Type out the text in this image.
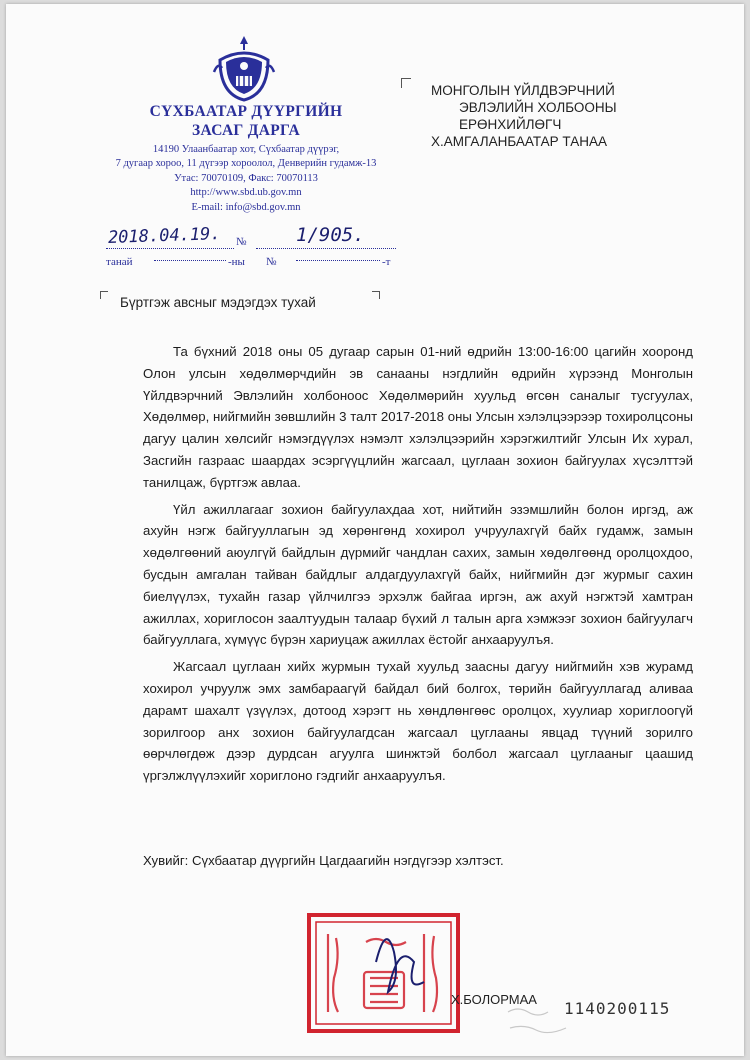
СҮХБААТАР ДҮҮРГИЙН
ЗАСАГ ДАРГА
14190 Улаанбаатар хот, Сүхбаатар дүүрэг,
7 дугаар хороо, 11 дүгээр хороолол, Денверийн гудамж-13
Утас: 70070109, Факс: 70070113
http://www.sbd.ub.gov.mn
E-mail: info@sbd.gov.mn
МОНГОЛЫН ҮЙЛДВЭРЧНИЙ
ЭВЛЭЛИЙН ХОЛБООНЫ ЕРӨНХИЙЛӨГЧ
Х.АМГАЛАНБААТАР ТАНАА
2018.04.19.	1/905.
№
танай	-ны №	-т
Бүртгэж авсныг мэдэгдэх тухай

Та бүхний 2018 оны 05 дугаар сарын 01-ний өдрийн 13:00-16:00 цагийн хооронд Олон улсын хөдөлмөрчдийн эв санааны нэгдлийн өдрийн хүрээнд Монголын Үйлдвэрчний Эвлэлийн холбоноос Хөдөлмөрийн хуульд өгсөн саналыг тусгуулах, Хөдөлмөр, нийгмийн зөвшлийн 3 талт 2017-2018 оны Улсын хэлэлцээрээр тохиролцсоны дагуу цалин хөлсийг нэмэгдүүлэх нэмэлт хэлэлцээрийн хэрэгжилтийг Улсын Их хурал, Засгийн газраас шаардах эсэргүүцлийн жагсаал, цуглаан зохион байгуулах хүсэлттэй танилцаж, бүртгэж авлаа.

Үйл ажиллагааг зохион байгуулахдаа хот, нийтийн эзэмшлийн болон иргэд, аж ахуйн нэгж байгууллагын эд хөрөнгөнд хохирол учруулахгүй байх гудамж, замын хөдөлгөөний аюулгүй байдлын дүрмийг чандлан сахих, замын хөдөлгөөнд оролцохдоо, бусдын амгалан тайван байдлыг алдагдуулахгүй байх, нийгмийн дэг журмыг сахин биелүүлэх, тухайн газар үйлчилгээ эрхэлж байгаа иргэн, аж ахуй нэгжтэй хамтран ажиллах, хориглосон заалтуудын талаар бүхий л талын арга хэмжээг зохион байгуулагч байгууллага, хүмүүс бүрэн хариуцаж ажиллах ёстойг анхааруулъя.

Жагсаал цуглаан хийх журмын тухай хуульд заасны дагуу нийгмийн хэв журамд хохирол учруулж эмх замбараагүй байдал бий болгох, төрийн байгууллагад аливаа дарамт шахалт үзүүлэх, дотоод хэрэгт нь хөндлөнгөөс оролцох, хуулиар хориглоогүй зорилгоор анх зохион байгуулагдсан жагсаал цуглааны явцад түүний зорилго өөрчлөгдөж дээр дурдсан агуулга шинжтэй болбол жагсаал цуглааныг цаашид үргэлжлүүлэхийг хориглоно гэдгийг анхааруулъя.

Хувийг: Сүхбаатар дүүргийн Цагдаагийн нэгдүгээр хэлтэст.
Х.БОЛОРМАА 1140200115
